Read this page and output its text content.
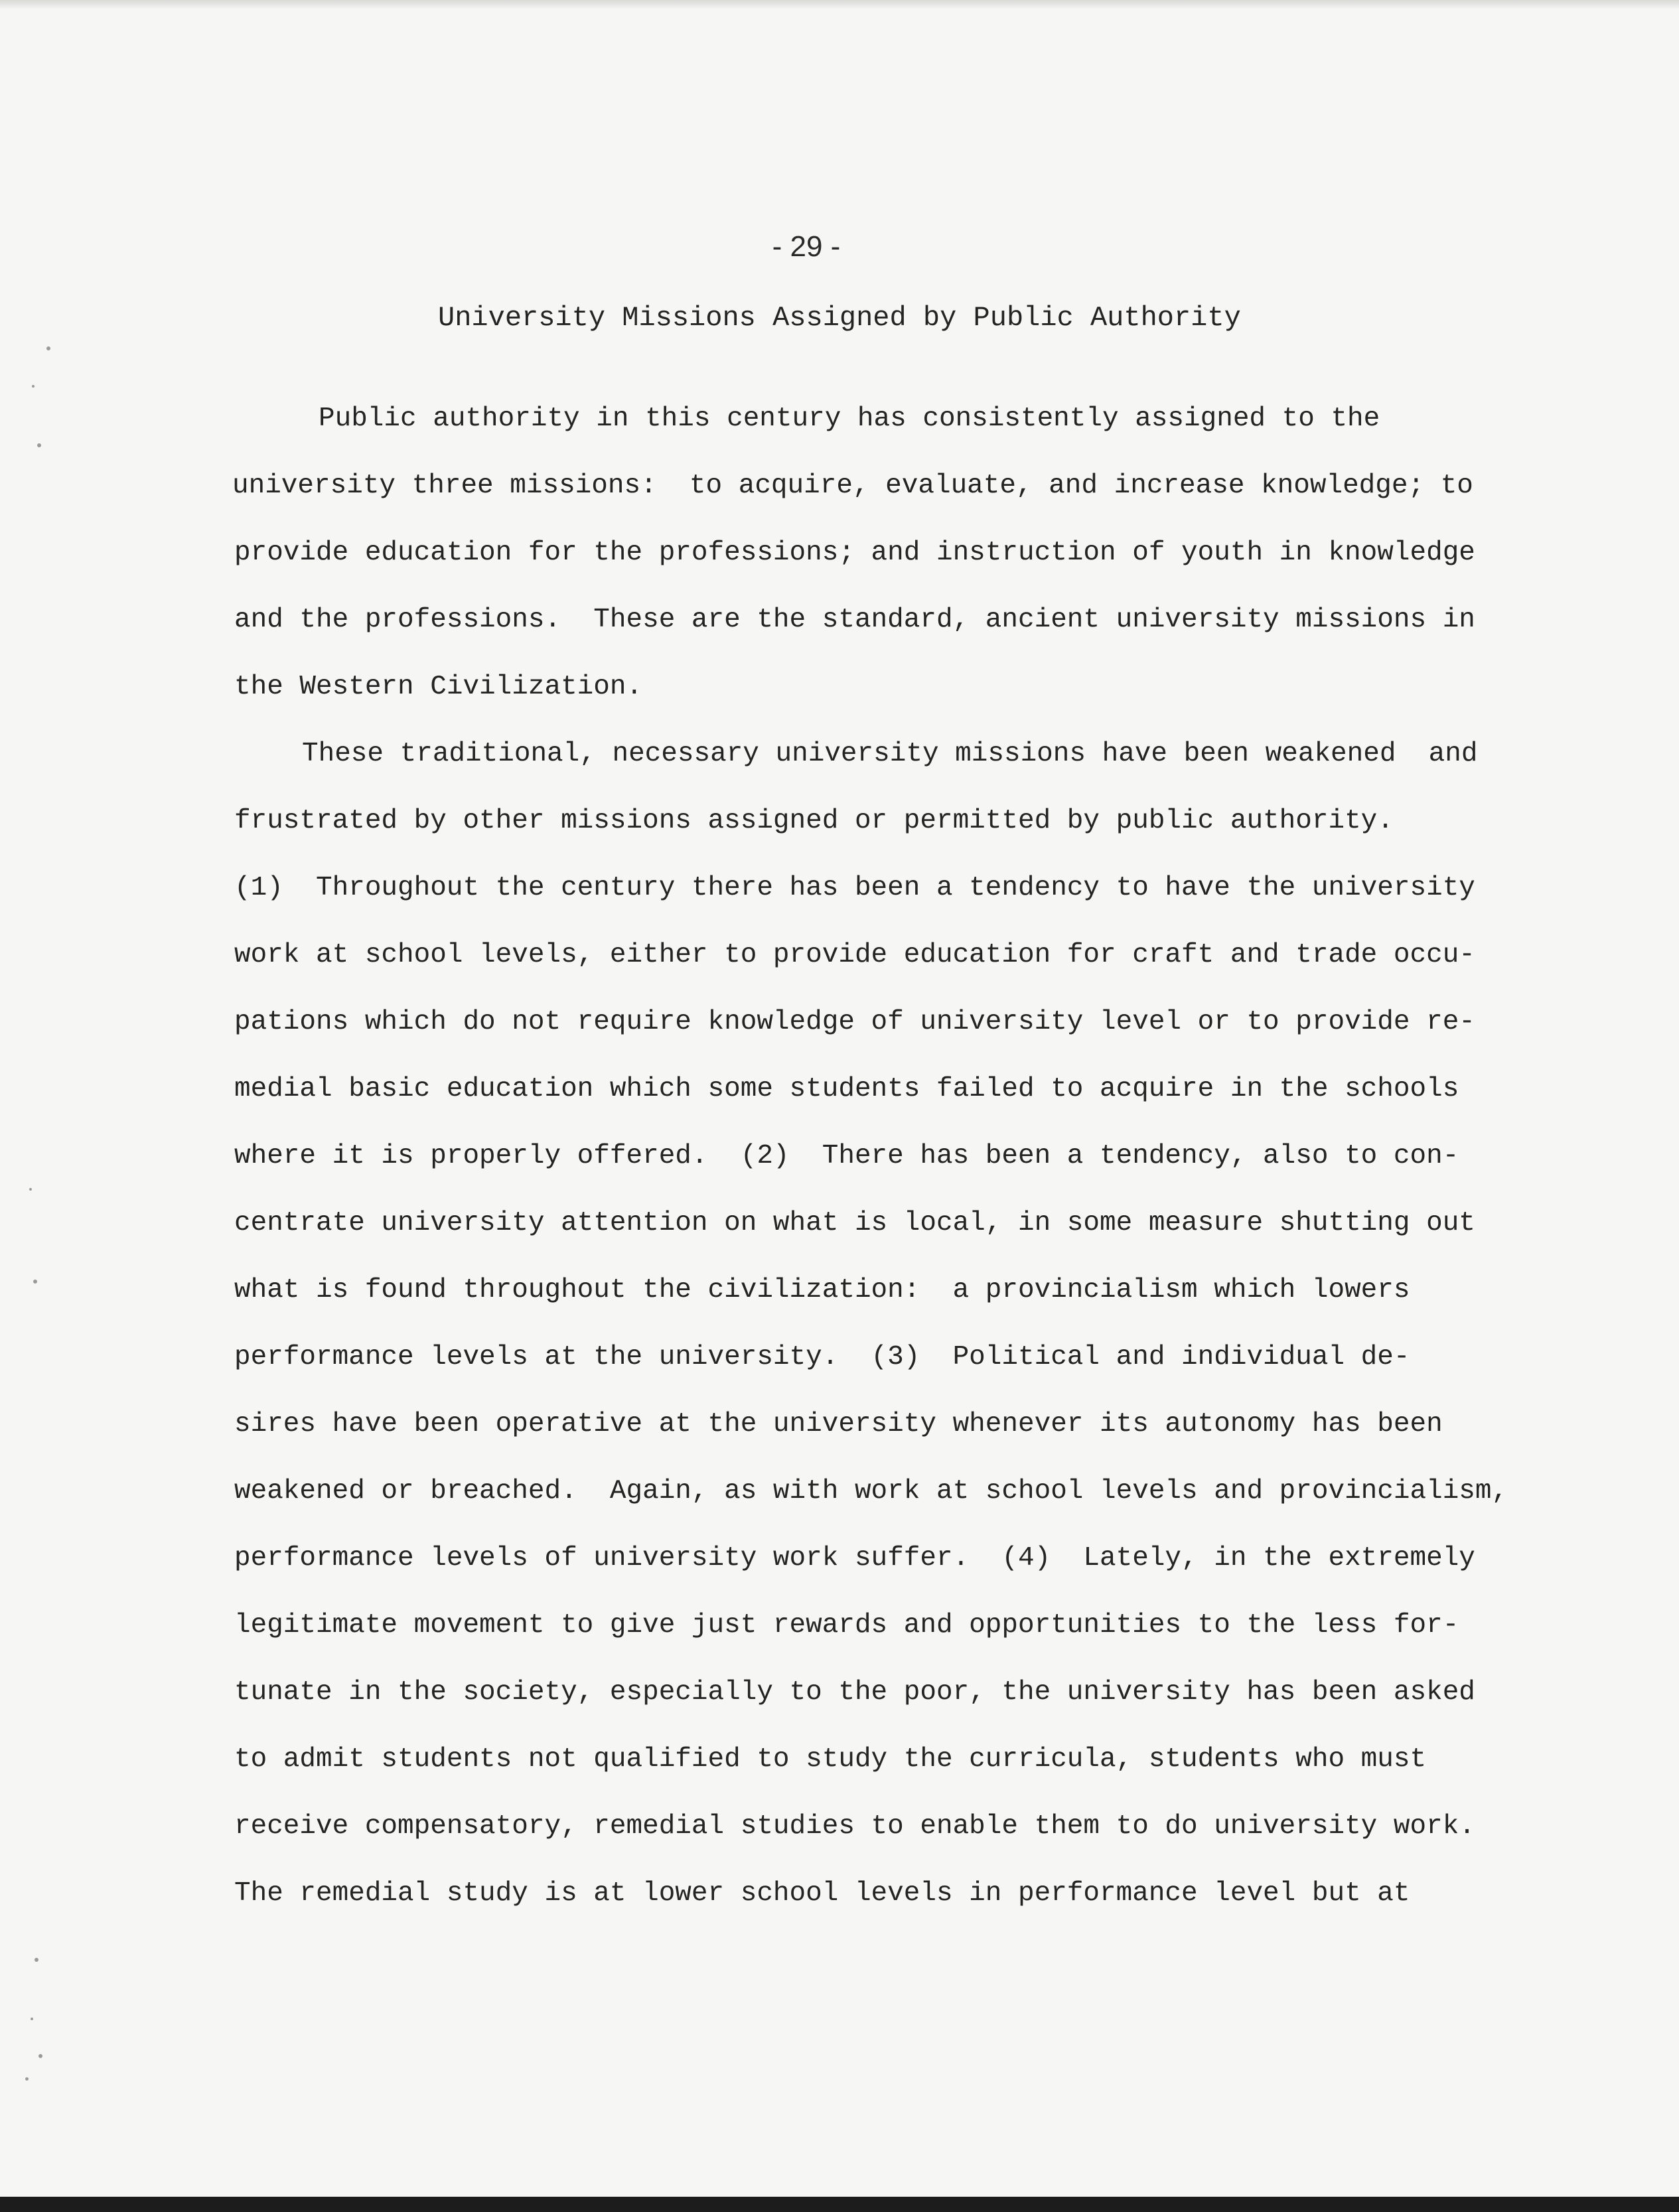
- 29 -
University Missions Assigned by Public Authority
Public authority in this century has consistently assigned to the
university three missions:  to acquire, evaluate, and increase knowledge; to
provide education for the professions; and instruction of youth in knowledge
and the professions.  These are the standard, ancient university missions in
the Western Civilization.
These traditional, necessary university missions have been weakened  and
frustrated by other missions assigned or permitted by public authority.
(1)  Throughout the century there has been a tendency to have the university
work at school levels, either to provide education for craft and trade occu-
pations which do not require knowledge of university level or to provide re-
medial basic education which some students failed to acquire in the schools
where it is properly offered.  (2)  There has been a tendency, also to con-
centrate university attention on what is local, in some measure shutting out
what is found throughout the civilization:  a provincialism which lowers
performance levels at the university.  (3)  Political and individual de-
sires have been operative at the university whenever its autonomy has been
weakened or breached.  Again, as with work at school levels and provincialism,
performance levels of university work suffer.  (4)  Lately, in the extremely
legitimate movement to give just rewards and opportunities to the less for-
tunate in the society, especially to the poor, the university has been asked
to admit students not qualified to study the curricula, students who must
receive compensatory, remedial studies to enable them to do university work.
The remedial study is at lower school levels in performance level but at
